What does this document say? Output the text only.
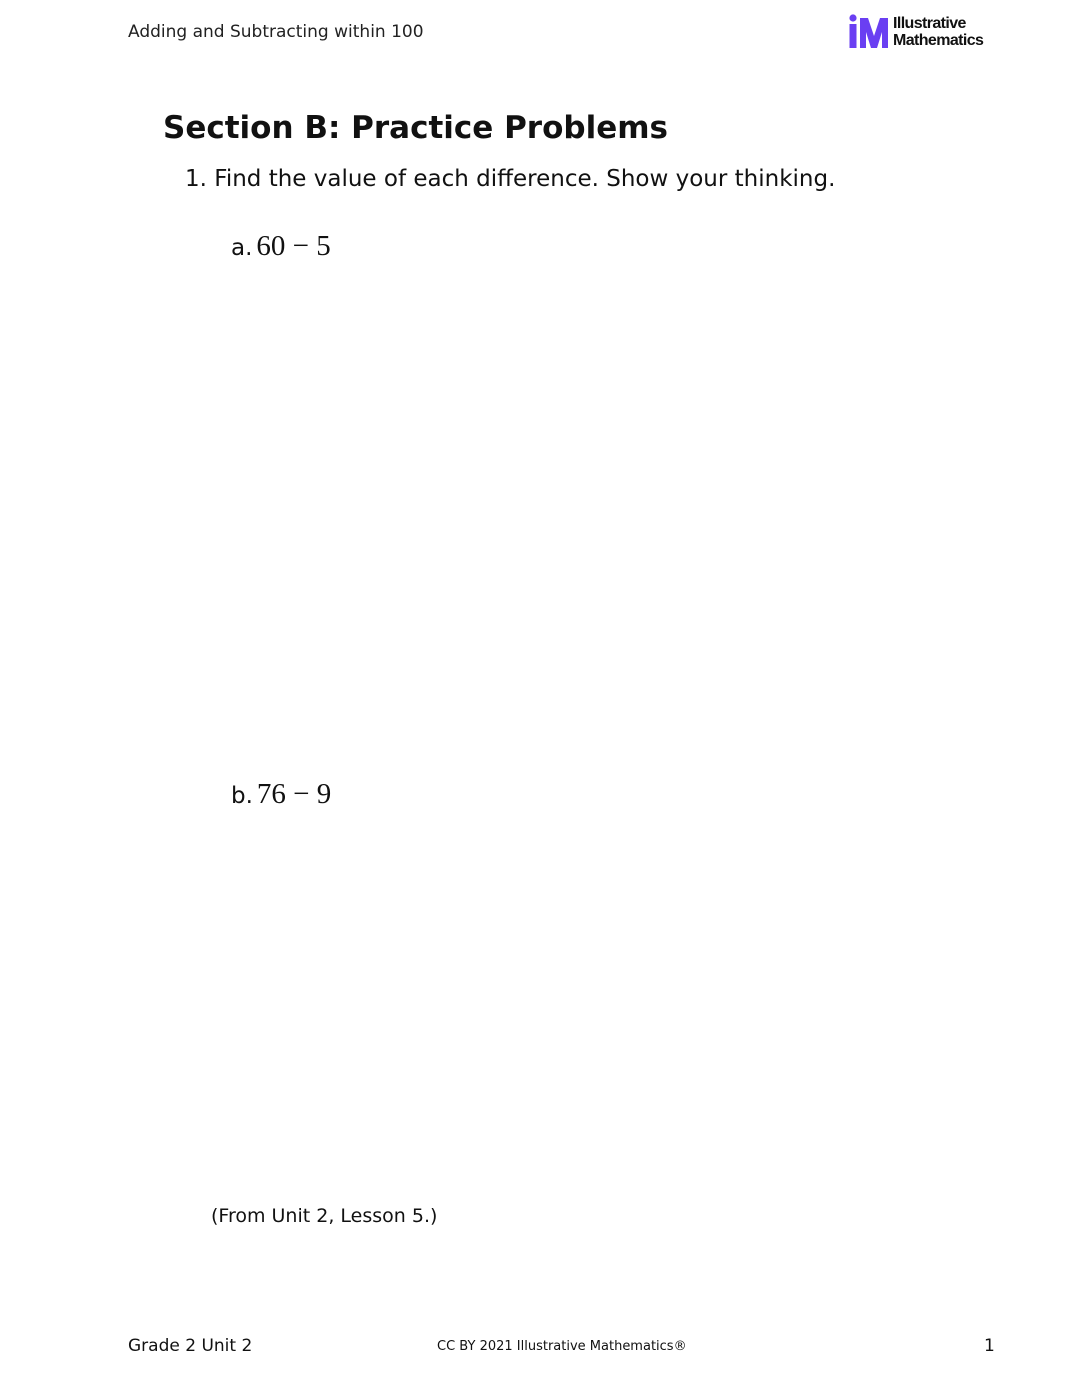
Adding and Subtracting within 100	Illustrative
Mathematics
Section B: Practice Problems
1. Find the value of each difference. Show your thinking.
a. 60 − 5
b. 76 − 9
(From Unit 2, Lesson 5.)
Grade 2 Unit 2	CC BY 2021 Illustrative Mathematics®	1
